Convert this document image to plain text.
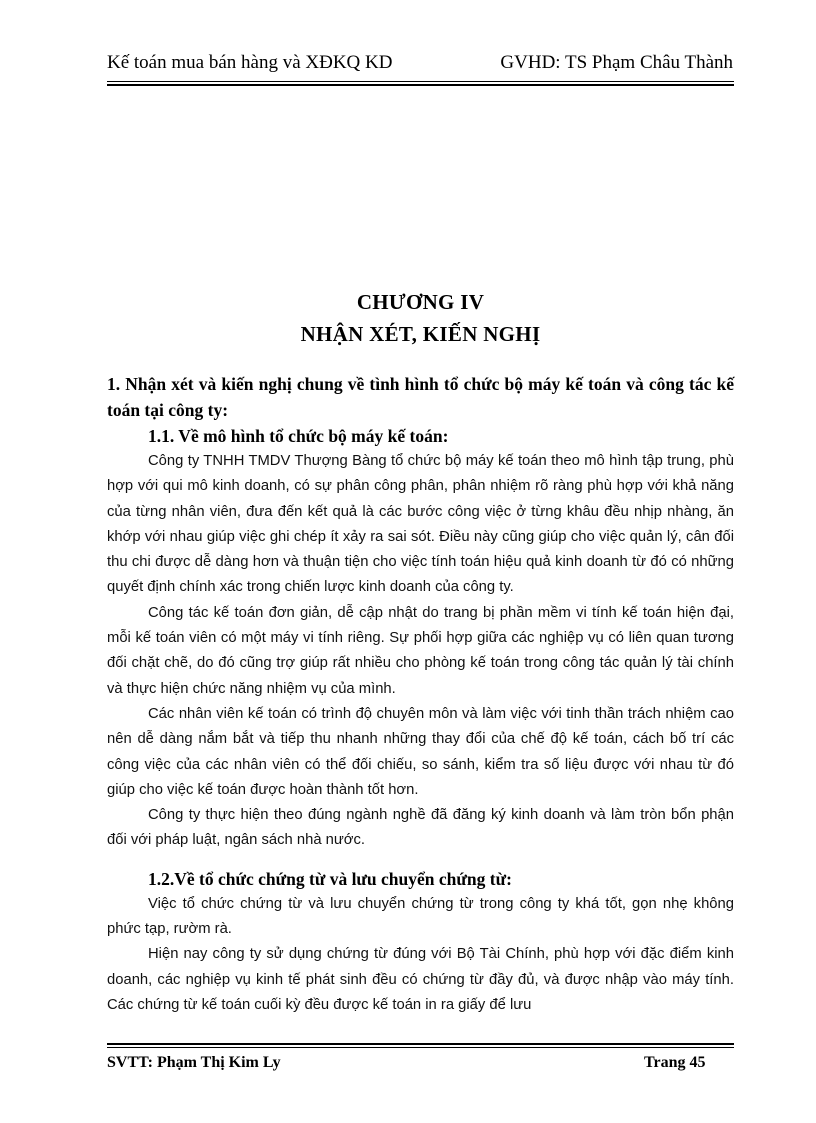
Kế toán mua bán hàng và XĐKQ KD	GVHD: TS Phạm Châu Thành
CHƯƠNG IV
NHẬN XÉT, KIẾN NGHỊ

1. Nhận xét và kiến nghị chung về tình hình tổ chức bộ máy kế toán và công tác kế toán tại công ty:

1.1. Về mô hình tổ chức bộ máy kế toán:

Công ty TNHH TMDV Thượng Bàng tổ chức bộ máy kế toán theo mô hình tập trung, phù hợp với qui mô kinh doanh, có sự phân công phân, phân nhiệm rõ ràng phù hợp với khả năng của từng nhân viên, đưa đến kết quả là các bước công việc ở từng khâu đều nhịp nhàng, ăn khớp với nhau giúp việc ghi chép ít xảy ra sai sót. Điều này cũng giúp cho việc quản lý, cân đối thu chi được dễ dàng hơn và thuận tiện cho việc tính toán hiệu quả kinh doanh từ đó có những quyết định chính xác trong chiến lược kinh doanh của công ty.

Công tác kế toán đơn giản, dễ cập nhật do trang bị phần mềm vi tính kế toán hiện đại, mỗi kế toán viên có một máy vi tính riêng. Sự phối hợp giữa các nghiệp vụ có liên quan tương đối chặt chẽ, do đó cũng trợ giúp rất nhiều cho phòng kế toán trong công tác quản lý tài chính và thực hiện chức năng nhiệm vụ của mình.

Các nhân viên kế toán có trình độ chuyên môn và làm việc với tinh thần trách nhiệm cao nên dễ dàng nắm bắt và tiếp thu nhanh những thay đổi của chế độ kế toán, cách bố trí các công việc của các nhân viên có thể đối chiếu, so sánh, kiểm tra số liệu được với nhau từ đó giúp cho việc kế toán được hoàn thành tốt hơn.

Công ty thực hiện theo đúng ngành nghề đã đăng ký kinh doanh và làm tròn bổn phận đối với pháp luật, ngân sách nhà nước.

1.2.Về tổ chức chứng từ và lưu chuyển chứng từ:

Việc tổ chức chứng từ và lưu chuyển chứng từ trong công ty khá tốt, gọn nhẹ không phức tạp, rườm rà.

Hiện nay công ty sử dụng chứng từ đúng với Bộ Tài Chính, phù hợp với đặc điểm kinh doanh, các nghiệp vụ kinh tế phát sinh đều có chứng từ đầy đủ, và được nhập vào máy tính. Các chứng từ kế toán cuối kỳ đều được kế toán in ra giấy để lưu

SVTT: Phạm Thị Kim Ly	Trang 45
